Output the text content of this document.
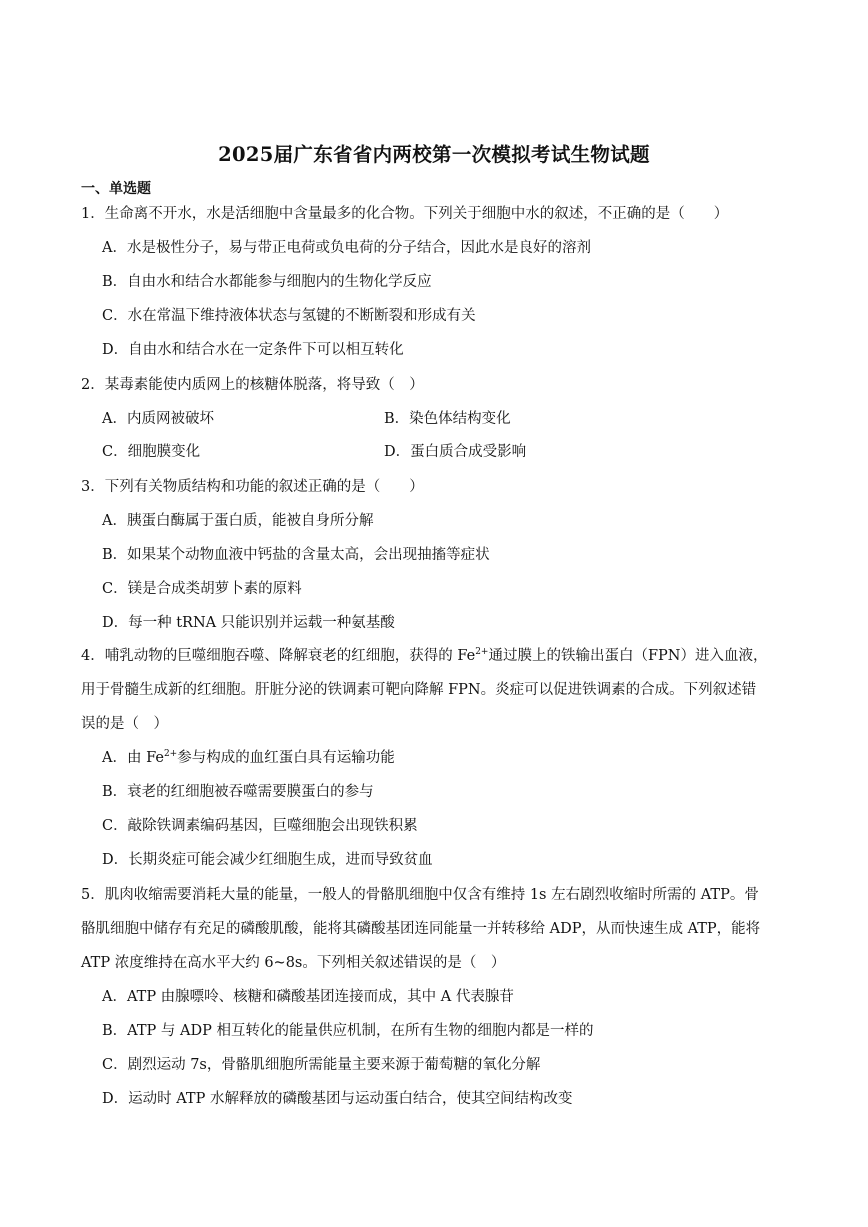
2025届广东省省内两校第一次模拟考试生物试题
一、单选题
1．生命离不开水，水是活细胞中含量最多的化合物。下列关于细胞中水的叙述，不正确的是（　　）
A．水是极性分子，易与带正电荷或负电荷的分子结合，因此水是良好的溶剂
B．自由水和结合水都能参与细胞内的生物化学反应
C．水在常温下维持液体状态与氢键的不断断裂和形成有关
D．自由水和结合水在一定条件下可以相互转化
2．某毒素能使内质网上的核糖体脱落，将导致（　）
A．内质网被破坏	B．染色体结构变化
C．细胞膜变化	D．蛋白质合成受影响
3．下列有关物质结构和功能的叙述正确的是（　　）
A．胰蛋白酶属于蛋白质，能被自身所分解
B．如果某个动物血液中钙盐的含量太高，会出现抽搐等症状
C．镁是合成类胡萝卜素的原料
D．每一种 tRNA 只能识别并运载一种氨基酸
4．哺乳动物的巨噬细胞吞噬、降解衰老的红细胞，获得的 $Fe^{2+}$通过膜上的铁输出蛋白（FPN）进入血液，
用于骨髓生成新的红细胞。肝脏分泌的铁调素可靶向降解 FPN。炎症可以促进铁调素的合成。下列叙述错
误的是（　）
A．由 $Fe^{2+}$参与构成的血红蛋白具有运输功能
B．衰老的红细胞被吞噬需要膜蛋白的参与
C．敲除铁调素编码基因，巨噬细胞会出现铁积累
D．长期炎症可能会减少红细胞生成，进而导致贫血
5．肌肉收缩需要消耗大量的能量，一般人的骨骼肌细胞中仅含有维持 1s 左右剧烈收缩时所需的 ATP。骨
骼肌细胞中储存有充足的磷酸肌酸，能将其磷酸基团连同能量一并转移给 ADP，从而快速生成 ATP，能将
ATP 浓度维持在高水平大约 6~8s。下列相关叙述错误的是（　）
A．ATP 由腺嘌呤、核糖和磷酸基团连接而成，其中 A 代表腺苷
B．ATP 与 ADP 相互转化的能量供应机制，在所有生物的细胞内都是一样的
C．剧烈运动 7s，骨骼肌细胞所需能量主要来源于葡萄糖的氧化分解
D．运动时 ATP 水解释放的磷酸基团与运动蛋白结合，使其空间结构改变
